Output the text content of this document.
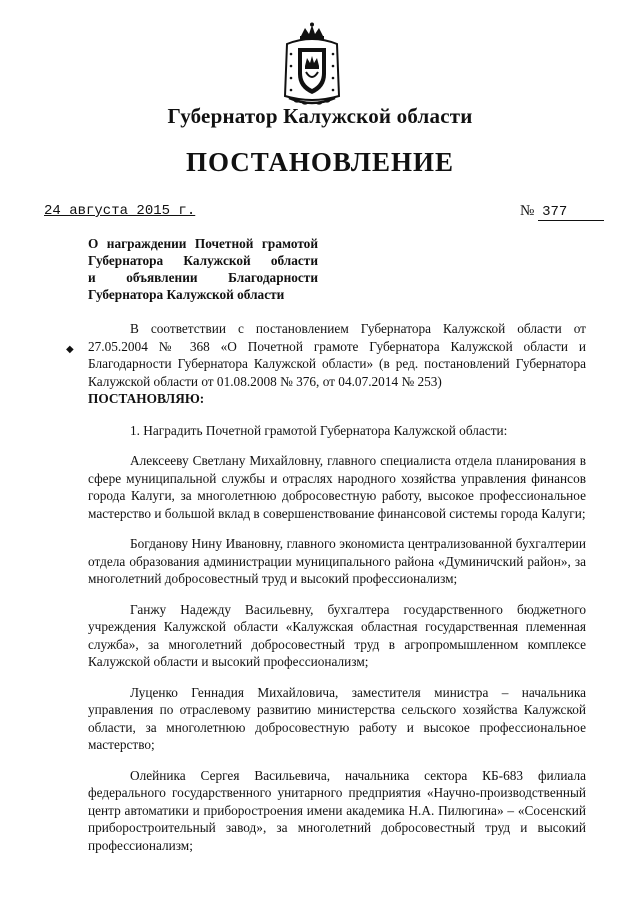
Губернатор Калужской области
ПОСТАНОВЛЕНИЕ
24 августа 2015 г.	№ 377
О награждении Почетной грамотой
Губернатора Калужской области
и объявлении Благодарности
Губернатора Калужской области
◆

В соответствии с постановлением Губернатора Калужской области от 27.05.2004 № 368 «О Почетной грамоте Губернатора Калужской области и Благодарности Губернатора Калужской области» (в ред. постановлений Губернатора Калужской области от 01.08.2008 № 376, от 04.07.2014 № 253)

ПОСТАНОВЛЯЮ:

1. Наградить Почетной грамотой Губернатора Калужской области:

Алексееву Светлану Михайловну, главного специалиста отдела планирования в сфере муниципальной службы и отраслях народного хозяйства управления финансов города Калуги, за многолетнюю добросовестную работу, высокое профессиональное мастерство и большой вклад в совершенствование финансовой системы города Калуги;

Богданову Нину Ивановну, главного экономиста централизованной бухгалтерии отдела образования администрации муниципального района «Думиничский район», за многолетний добросовестный труд и высокий профессионализм;

Ганжу Надежду Васильевну, бухгалтера государственного бюджетного учреждения Калужской области «Калужская областная государственная племенная служба», за многолетний добросовестный труд в агропромышленном комплексе Калужской области и высокий профессионализм;

Луценко Геннадия Михайловича, заместителя министра – начальника управления по отраслевому развитию министерства сельского хозяйства Калужской области, за многолетнюю добросовестную работу и высокое профессиональное мастерство;

Олейника Сергея Васильевича, начальника сектора КБ-683 филиала федерального государственного унитарного предприятия «Научно-производственный центр автоматики и приборостроения имени академика Н.А. Пилюгина» – «Сосенский приборостроительный завод», за многолетний добросовестный труд и высокий профессионализм;
